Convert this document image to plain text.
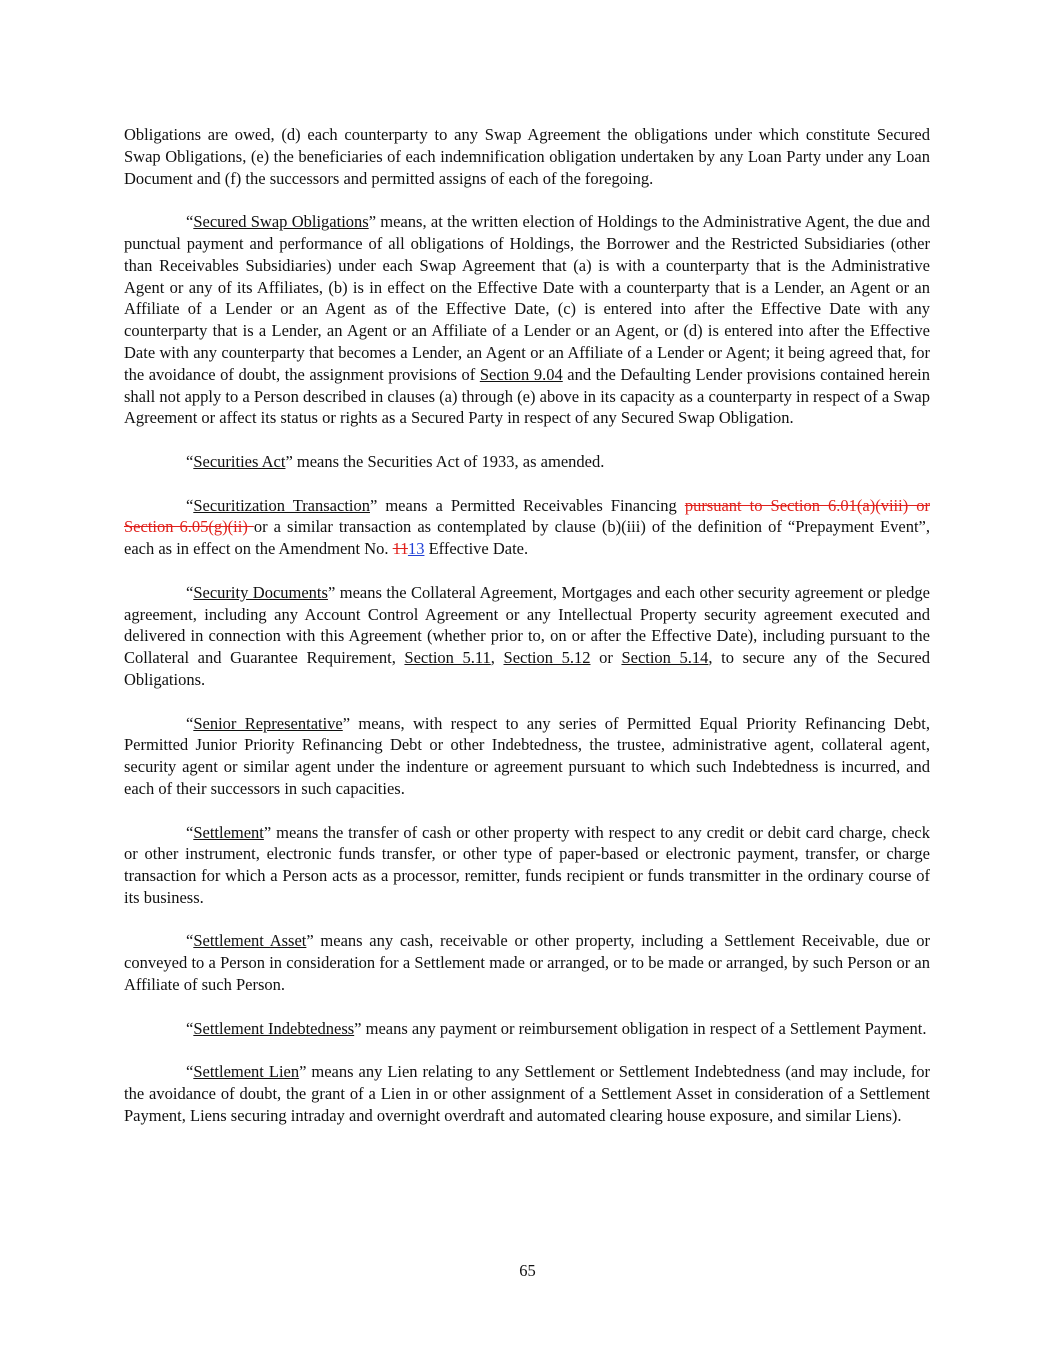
Obligations are owed, (d) each counterparty to any Swap Agreement the obligations under which constitute Secured Swap Obligations, (e) the beneficiaries of each indemnification obligation undertaken by any Loan Party under any Loan Document and (f) the successors and permitted assigns of each of the foregoing.

“Secured Swap Obligations” means, at the written election of Holdings to the Administrative Agent, the due and punctual payment and performance of all obligations of Holdings, the Borrower and the Restricted Subsidiaries (other than Receivables Subsidiaries) under each Swap Agreement that (a) is with a counterparty that is the Administrative Agent or any of its Affiliates, (b) is in effect on the Effective Date with a counterparty that is a Lender, an Agent or an Affiliate of a Lender or an Agent as of the Effective Date, (c) is entered into after the Effective Date with any counterparty that is a Lender, an Agent or an Affiliate of a Lender or an Agent, or (d) is entered into after the Effective Date with any counterparty that becomes a Lender, an Agent or an Affiliate of a Lender or Agent; it being agreed that, for the avoidance of doubt, the assignment provisions of Section 9.04 and the Defaulting Lender provisions contained herein shall not apply to a Person described in clauses (a) through (e) above in its capacity as a counterparty in respect of a Swap Agreement or affect its status or rights as a Secured Party in respect of any Secured Swap Obligation.

“Securities Act” means the Securities Act of 1933, as amended.

“Securitization Transaction” means a Permitted Receivables Financing pursuant to Section 6.01(a)(viii) or Section 6.05(g)(ii) or a similar transaction as contemplated by clause (b)(iii) of the definition of “Prepayment Event”, each as in effect on the Amendment No. 1113 Effective Date.

“Security Documents” means the Collateral Agreement, Mortgages and each other security agreement or pledge agreement, including any Account Control Agreement or any Intellectual Property security agreement executed and delivered in connection with this Agreement (whether prior to, on or after the Effective Date), including pursuant to the Collateral and Guarantee Requirement, Section 5.11, Section 5.12 or Section 5.14, to secure any of the Secured Obligations.

“Senior Representative” means, with respect to any series of Permitted Equal Priority Refinancing Debt, Permitted Junior Priority Refinancing Debt or other Indebtedness, the trustee, administrative agent, collateral agent, security agent or similar agent under the indenture or agreement pursuant to which such Indebtedness is incurred, and each of their successors in such capacities.

“Settlement” means the transfer of cash or other property with respect to any credit or debit card charge, check or other instrument, electronic funds transfer, or other type of paper-based or electronic payment, transfer, or charge transaction for which a Person acts as a processor, remitter, funds recipient or funds transmitter in the ordinary course of its business.

“Settlement Asset” means any cash, receivable or other property, including a Settlement Receivable, due or conveyed to a Person in consideration for a Settlement made or arranged, or to be made or arranged, by such Person or an Affiliate of such Person.

“Settlement Indebtedness” means any payment or reimbursement obligation in respect of a Settlement Payment.

“Settlement Lien” means any Lien relating to any Settlement or Settlement Indebtedness (and may include, for the avoidance of doubt, the grant of a Lien in or other assignment of a Settlement Asset in consideration of a Settlement Payment, Liens securing intraday and overnight overdraft and automated clearing house exposure, and similar Liens).

65
